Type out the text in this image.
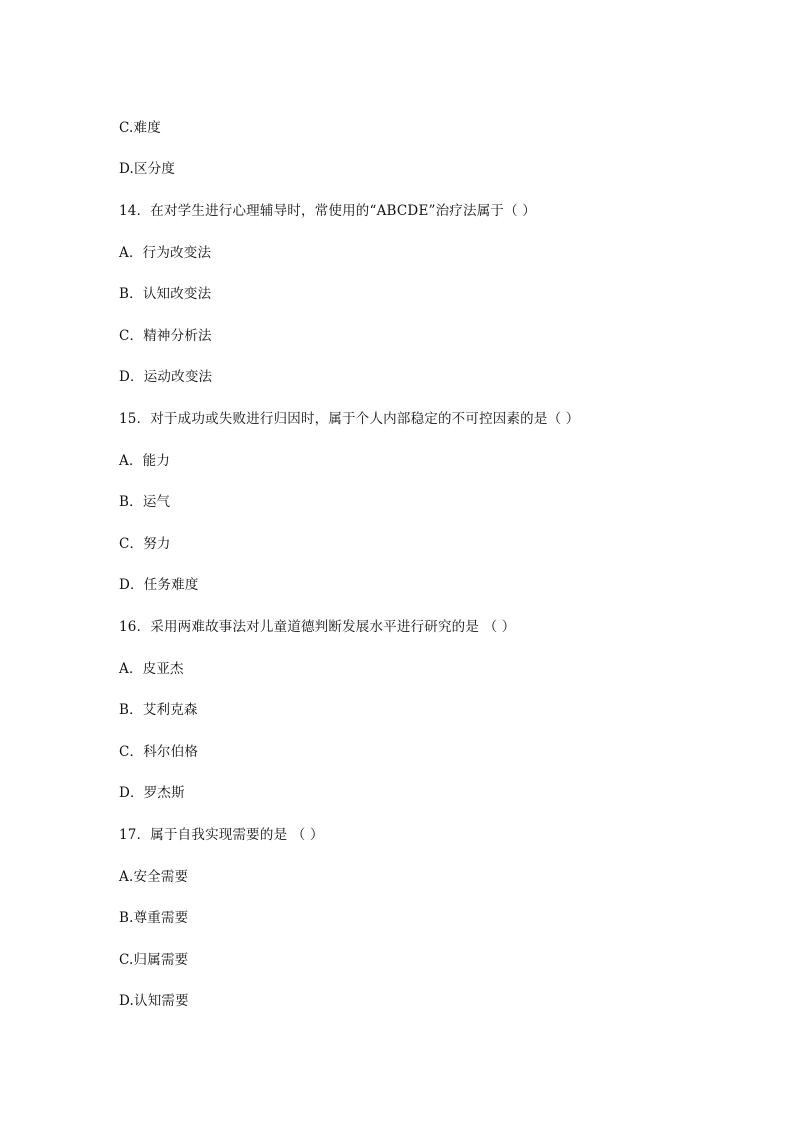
C.难度
D.区分度
14．在对学生进行心理辅导时，常使用的“ABCDE”治疗法属于（ ）
A．行为改变法
B．认知改变法
C．精神分析法
D．运动改变法
15．对于成功或失败进行归因时，属于个人内部稳定的不可控因素的是（ ）
A．能力
B．运气
C．努力
D．任务难度
16．采用两难故事法对儿童道德判断发展水平进行研究的是 （ ）
A．皮亚杰
B．艾利克森
C．科尔伯格
D．罗杰斯
17．属于自我实现需要的是 （ ）
A.安全需要
B.尊重需要
C.归属需要
D.认知需要
